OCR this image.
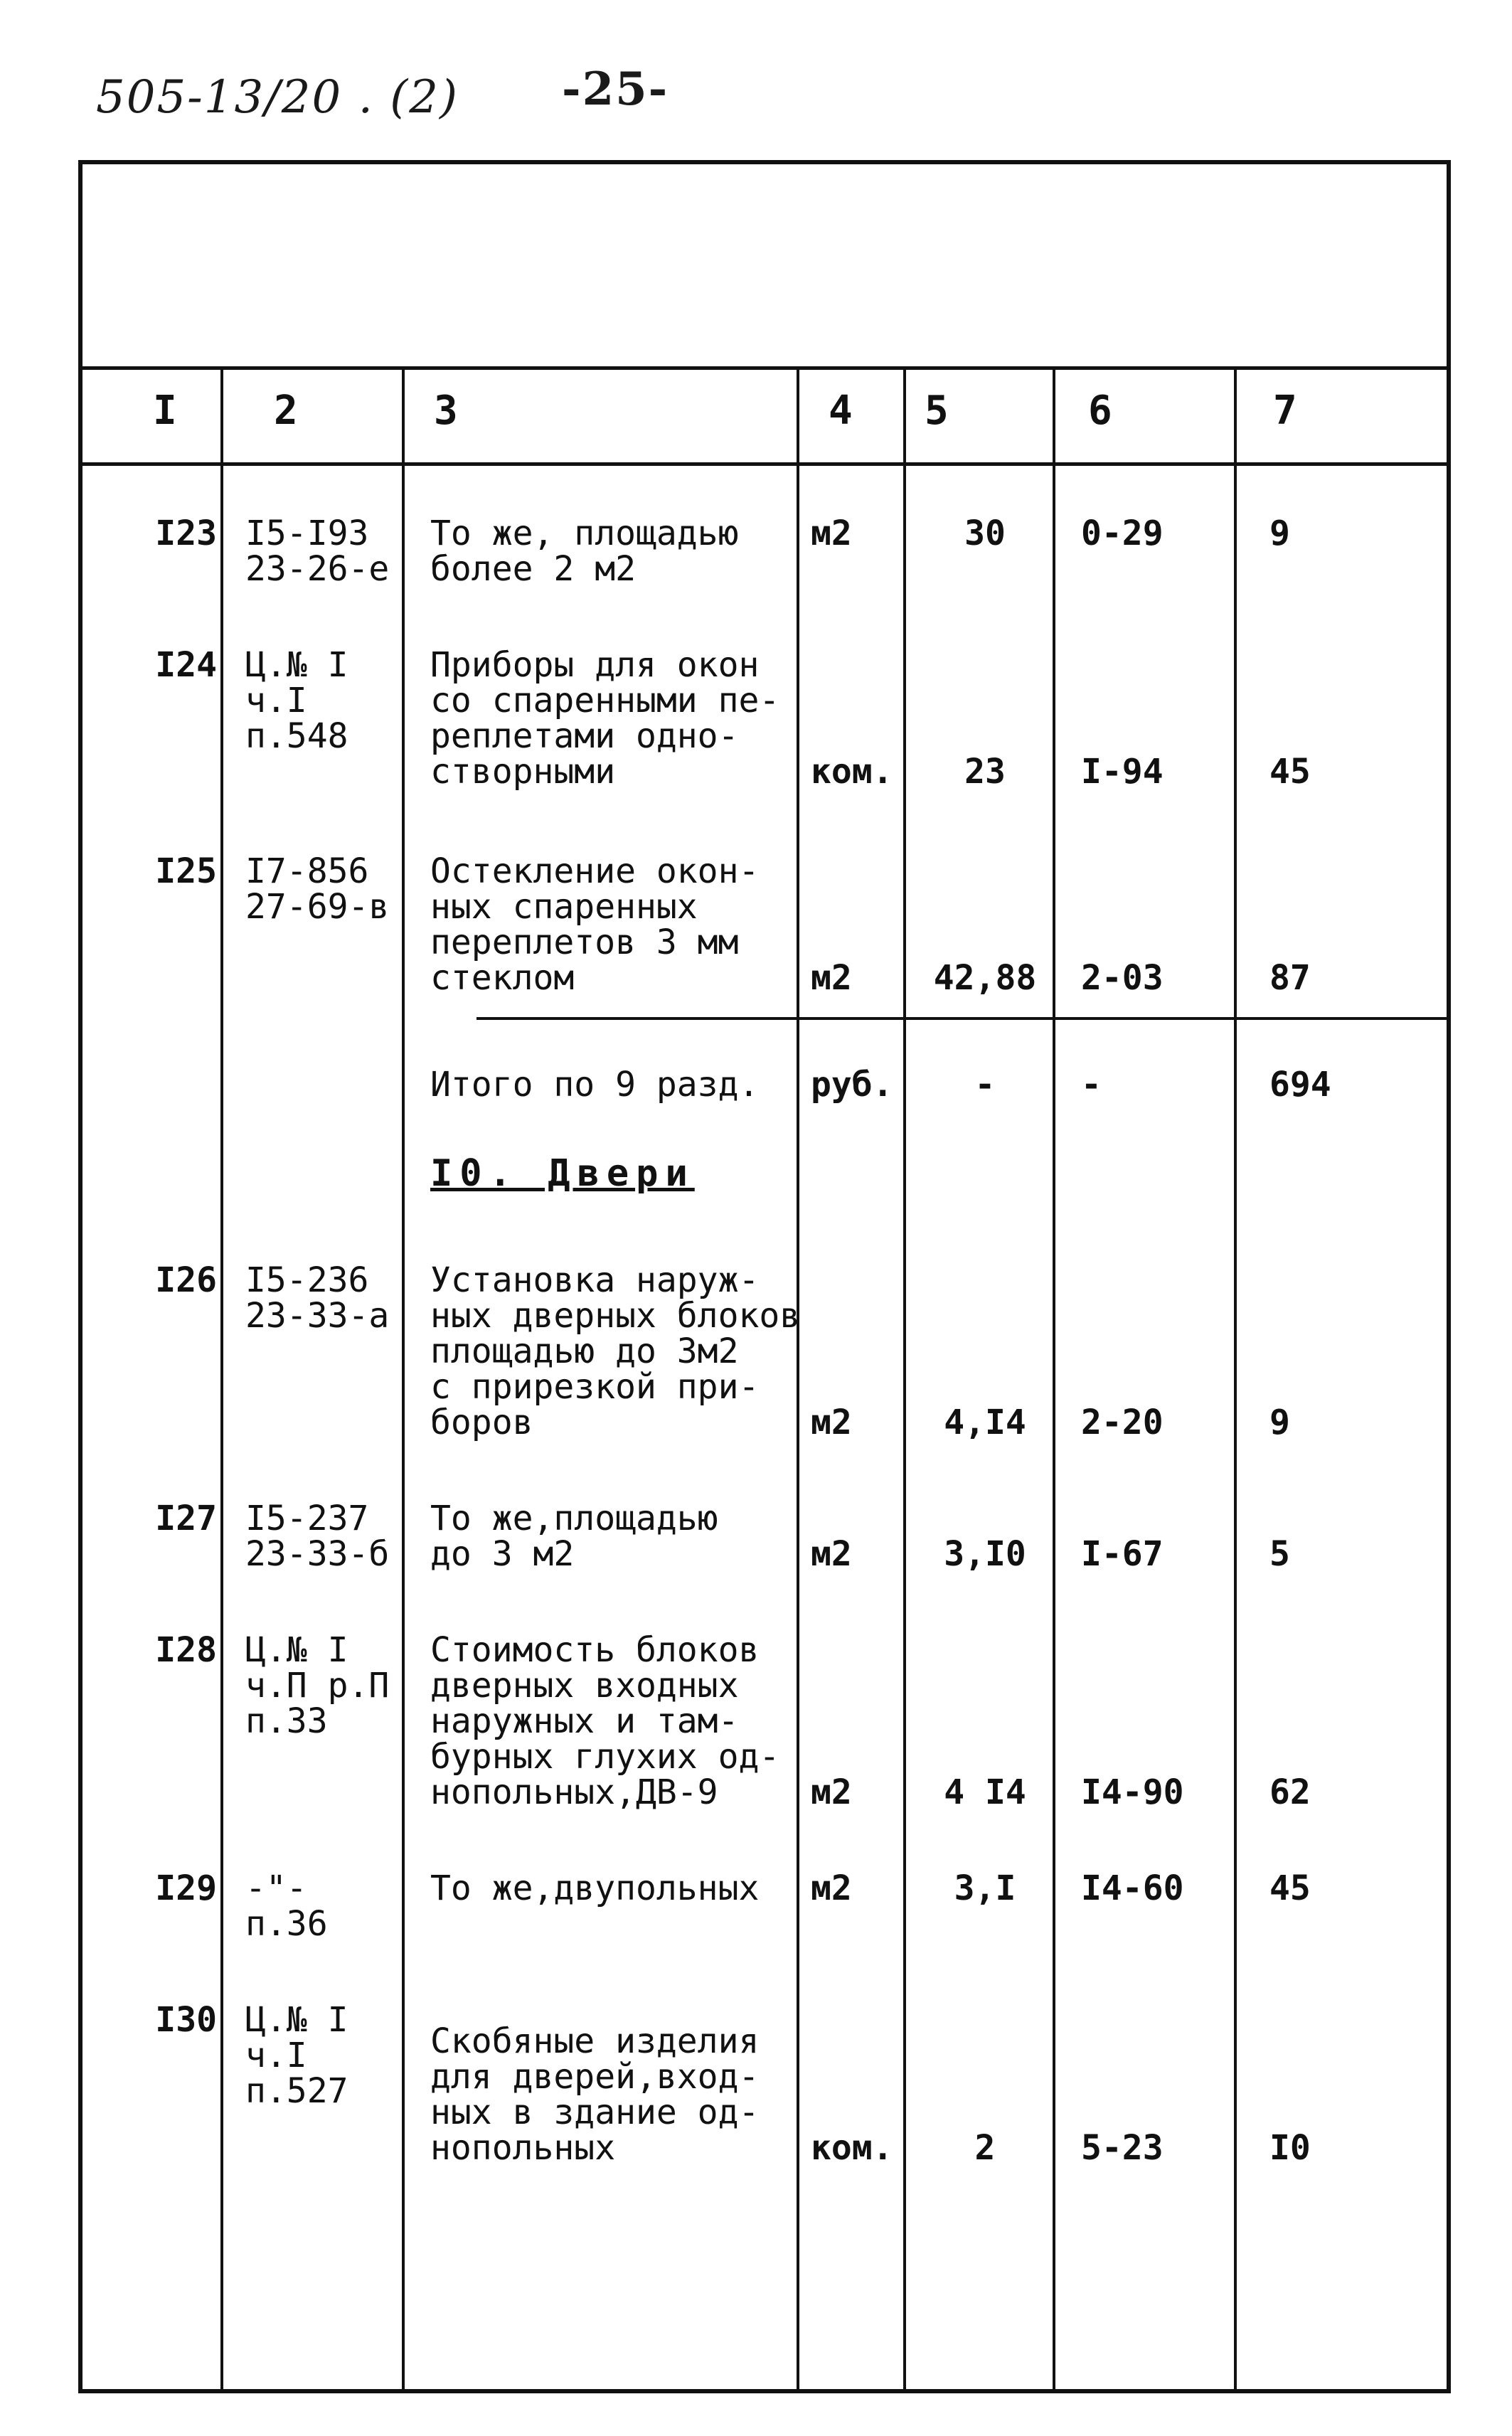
505-13/20 . (2) -25-
I 2	3	4 5	6	7
I23 I5-I93
23-26-е
То же, площадью
более 2 м2
м2	30	0-29	9
I24 Ц.№ I
ч.I
п.548
Приборы для окон
со спаренными пе-
реплетами одно-
створными	ком.	23	I-94	45
I25 I7-856
27-69-в
Остекление окон-
ных спаренных
переплетов 3 мм
стеклом	м2 42,88 2-03	87
Итого по 9 разд. руб.	-	-	694
I0. Двери
I26 I5-236
23-33-а
Установка наруж-
ных дверных блоков
площадью до 3м2
с прирезкой при-
боров	м2	4,I4	2-20	9
I27 I5-237
23-33-б
То же,площадью
до 3 м2	м2	3,I0	I-67	5
I28 Ц.№ I
ч.П р.П
п.33
Стоимость блоков
дверных входных
наружных и там-
бурных глухих од-
нопольных,ДВ-9	м2	4 I4	I4-90	62
I29 -"-
п.36
То же,двупольных м2	3,I	I4-60	45
I30 Ц.№ I
ч.I
п.527
Скобяные изделия
для дверей,вход-
ных в здание од-
нопольных	ком.	2	5-23	I0
